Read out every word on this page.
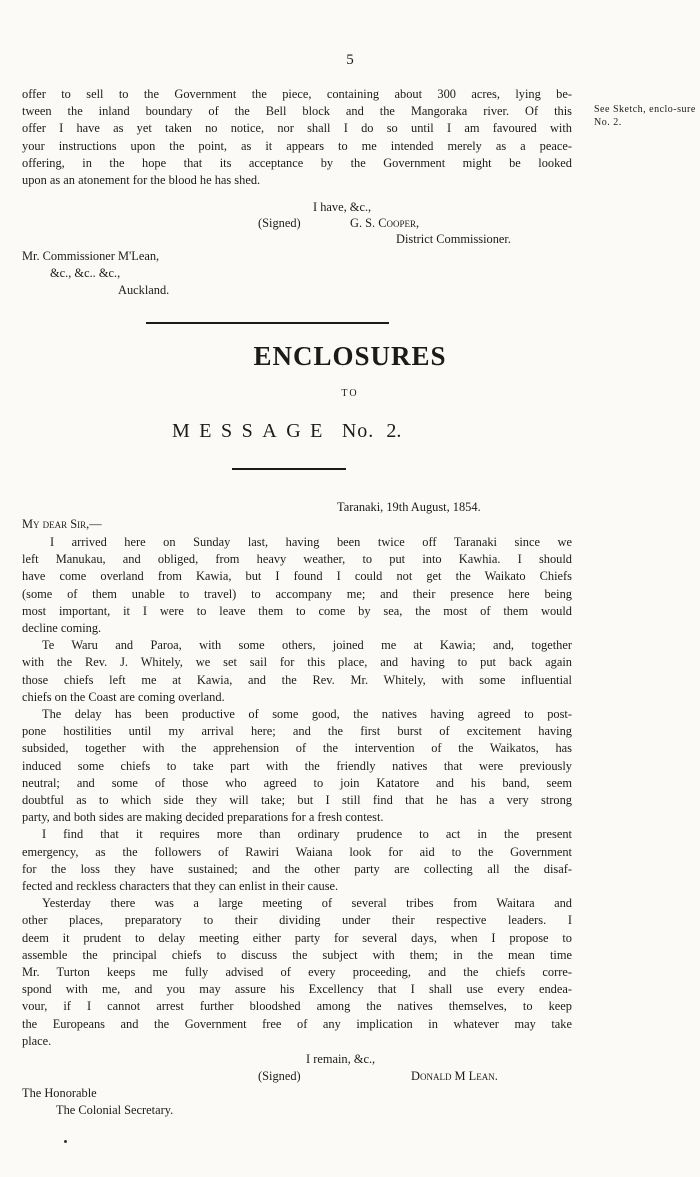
5
offer to sell to the Government the piece, containing about 300 acres, lying be-
tween the inland boundary of the Bell block and the Mangoraka river. Of this
offer I have as yet taken no notice, nor shall I do so until I am favoured with
your instructions upon the point, as it appears to me intended merely as a peace-
offering, in the hope that its acceptance by the Government might be looked
upon as an atonement for the blood he has shed.
See Sketch, enclo-sure No. 2.
I have, &c.,
(Signed)	G. S. Cooper,
District Commissioner.
Mr. Commissioner M'Lean,
&c., &c.. &c.,
Auckland.
ENCLOSURES
TO
MESSAGE No. 2.
Taranaki, 19th August, 1854.
My dear Sir,—
I arrived here on Sunday last, having been twice off Taranaki since we
left Manukau, and obliged, from heavy weather, to put into Kawhia. I should
have come overland from Kawia, but I found I could not get the Waikato Chiefs
(some of them unable to travel) to accompany me; and their presence here being
most important, it I were to leave them to come by sea, the most of them would
decline coming.
Te Waru and Paroa, with some others, joined me at Kawia; and, together
with the Rev. J. Whitely, we set sail for this place, and having to put back again
those chiefs left me at Kawia, and the Rev. Mr. Whitely, with some influential
chiefs on the Coast are coming overland.
The delay has been productive of some good, the natives having agreed to post-
pone hostilities until my arrival here; and the first burst of excitement having
subsided, together with the apprehension of the intervention of the Waikatos, has
induced some chiefs to take part with the friendly natives that were previously
neutral; and some of those who agreed to join Katatore and his band, seem
doubtful as to which side they will take; but I still find that he has a very strong
party, and both sides are making decided preparations for a fresh contest.
I find that it requires more than ordinary prudence to act in the present
emergency, as the followers of Rawiri Waiana look for aid to the Government
for the loss they have sustained; and the other party are collecting all the disaf-
fected and reckless characters that they can enlist in their cause.
Yesterday there was a large meeting of several tribes from Waitara and
other places, preparatory to their dividing under their respective leaders. I
deem it prudent to delay meeting either party for several days, when I propose to
assemble the principal chiefs to discuss the subject with them; in the mean time
Mr. Turton keeps me fully advised of every proceeding, and the chiefs corre-
spond with me, and you may assure his Excellency that I shall use every endea-
vour, if I cannot arrest further bloodshed among the natives themselves, to keep
the Europeans and the Government free of any implication in whatever may take
place.
I remain, &c.,
(Signed)	Donald M Lean.
The Honorable
The Colonial Secretary.
